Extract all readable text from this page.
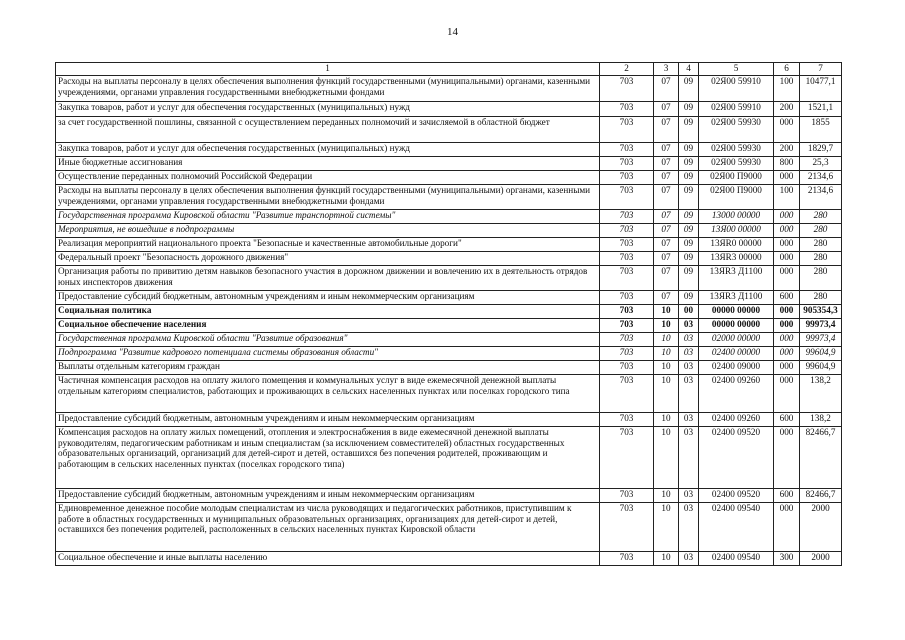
14
1	2	3	4	5	6	7
Расходы на выплаты персоналу в целях обеспечения выполнения функций государственными (муниципальными) органами, казенными учреждениями, органами управления государственными внебюджетными фондами	703	07	09	02Я00 59910	100	10477,1
Закупка товаров, работ и услуг для обеспечения государственных (муниципальных) нужд	703	07	09	02Я00 59910	200	1521,1
за счет государственной пошлины, связанной с осуществлением переданных полномочий и зачисляемой в областной бюджет	703	07	09	02Я00 59930	000	1855
Закупка товаров, работ и услуг для обеспечения государственных (муниципальных) нужд	703	07	09	02Я00 59930	200	1829,7
Иные бюджетные ассигнования	703	07	09	02Я00 59930	800	25,3
Осуществление переданных полномочий Российской Федерации	703	07	09	02Я00 П9000	000	2134,6
Расходы на выплаты персоналу в целях обеспечения выполнения функций государственными (муниципальными) органами, казенными учреждениями, органами управления государственными внебюджетными фондами	703	07	09	02Я00 П9000	100	2134,6
Государственная программа Кировской области "Развитие транспортной системы"	703	07	09	13000 00000	000	280
Мероприятия, не вошедшие в подпрограммы	703	07	09	13Я00 00000	000	280
Реализация мероприятий национального проекта "Безопасные и качественные автомобильные дороги"	703	07	09	13ЯR0 00000	000	280
Федеральный проект "Безопасность дорожного движения"	703	07	09	13ЯR3 00000	000	280
Организация работы по привитию детям навыков безопасного участия в дорожном движении и вовлечению их в деятельность отрядов юных инспекторов движения	703	07	09	13ЯR3 Д1100	000	280
Предоставление субсидий бюджетным, автономным учреждениям и иным некоммерческим организациям	703	07	09	13ЯR3 Д1100	600	280
Социальная политика	703	10	00	00000 00000	000	905354,3
Социальное обеспечение населения	703	10	03	00000 00000	000	99973,4
Государственная программа Кировской области "Развитие образования"	703	10	03	02000 00000	000	99973,4
Подпрограмма "Развитие кадрового потенциала системы образования области"	703	10	03	02400 00000	000	99604,9
Выплаты отдельным категориям граждан	703	10	03	02400 09000	000	99604,9
Частичная компенсация расходов на оплату жилого помещения и коммунальных услуг в виде ежемесячной денежной выплаты отдельным категориям специалистов, работающих и проживающих в сельских населенных пунктах или поселках городского типа	703	10	03	02400 09260	000	138,2
Предоставление субсидий бюджетным, автономным учреждениям и иным некоммерческим организациям	703	10	03	02400 09260	600	138,2
Компенсация расходов на оплату жилых помещений, отопления и электроснабжения в виде ежемесячной денежной выплаты руководителям, педагогическим работникам и иным специалистам (за исключением совместителей) областных государственных образовательных организаций, организаций для детей-сирот и детей, оставшихся без попечения родителей, проживающим и работающим в сельских населенных пунктах (поселках городского типа)	703	10	03	02400 09520	000	82466,7
Предоставление субсидий бюджетным, автономным учреждениям и иным некоммерческим организациям	703	10	03	02400 09520	600	82466,7
Единовременное денежное пособие молодым специалистам из числа руководящих и педагогических работников, приступившим к работе в областных государственных и муниципальных образовательных организациях, организациях для детей-сирот и детей, оставшихся без попечения родителей, расположенных в сельских населенных пунктах Кировской области	703	10	03	02400 09540	000	2000
Социальное обеспечение и иные выплаты населению	703	10	03	02400 09540	300	2000
